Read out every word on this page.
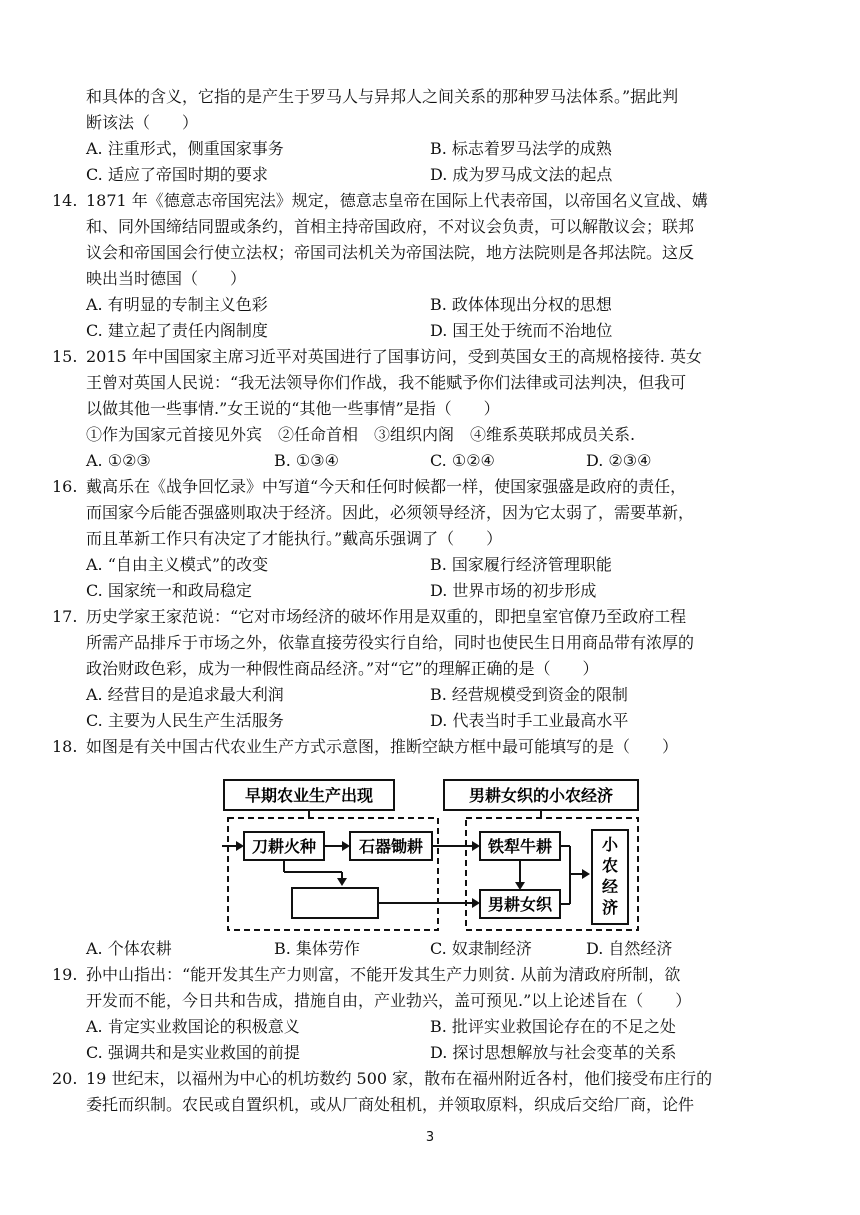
和具体的含义，它指的是产生于罗马人与异邦人之间关系的那种罗马法体系。”据此判
断该法（　　）
A. 注重形式，侧重国家事务	B. 标志着罗马法学的成熟
C. 适应了帝国时期的要求	D. 成为罗马成文法的起点
14. 1871 年《德意志帝国宪法》规定，德意志皇帝在国际上代表帝国，以帝国名义宣战、媾
和、同外国缔结同盟或条约，首相主持帝国政府，不对议会负责，可以解散议会；联邦
议会和帝国国会行使立法权；帝国司法机关为帝国法院，地方法院则是各邦法院。这反
映出当时德国（　　）
A. 有明显的专制主义色彩	B. 政体体现出分权的思想
C. 建立起了责任内阁制度	D. 国王处于统而不治地位
15. 2015 年中国国家主席习近平对英国进行了国事访问，受到英国女王的高规格接待. 英女
王曾对英国人民说：“我无法领导你们作战，我不能赋予你们法律或司法判决，但我可
以做其他一些事情.”女王说的“其他一些事情”是指（　　）
①作为国家元首接见外宾　②任命首相　③组织内阁　④维系英联邦成员关系.
A. ①②③	B. ①③④	C. ①②④	D. ②③④
16. 戴高乐在《战争回忆录》中写道“今天和任何时候都一样，使国家强盛是政府的责任，
而国家今后能否强盛则取决于经济。因此，必须领导经济，因为它太弱了，需要革新，
而且革新工作只有决定了才能执行。”戴高乐强调了（　　）
A. “自由主义模式”的改变	B. 国家履行经济管理职能
C. 国家统一和政局稳定	D. 世界市场的初步形成
17. 历史学家王家范说：“它对市场经济的破坏作用是双重的，即把皇室官僚乃至政府工程
所需产品排斥于市场之外，依靠直接劳役实行自给，同时也使民生日用商品带有浓厚的
政治财政色彩，成为一种假性商品经济。”对“它”的理解正确的是（　　）
A. 经营目的是追求最大利润	B. 经营规模受到资金的限制
C. 主要为人民生产生活服务	D. 代表当时手工业最高水平
18. 如图是有关中国古代农业生产方式示意图，推断空缺方框中最可能填写的是（　　）
早期农业生产出现	男耕女织的小农经济
刀耕火种	石器锄耕	铁犁牛耕
男耕女织
小
农
经
济
A. 个体农耕	B. 集体劳作	C. 奴隶制经济	D. 自然经济
19. 孙中山指出：“能开发其生产力则富，不能开发其生产力则贫. 从前为清政府所制，欲
开发而不能，今日共和告成，措施自由，产业勃兴，盖可预见.”以上论述旨在（　　）
A. 肯定实业救国论的积极意义	B. 批评实业救国论存在的不足之处
C. 强调共和是实业救国的前提	D. 探讨思想解放与社会变革的关系
20. 19 世纪末，以福州为中心的机坊数约 500 家，散布在福州附近各村，他们接受布庄行的
委托而织制。农民或自置织机，或从厂商处租机，并领取原料，织成后交给厂商，论件
3
